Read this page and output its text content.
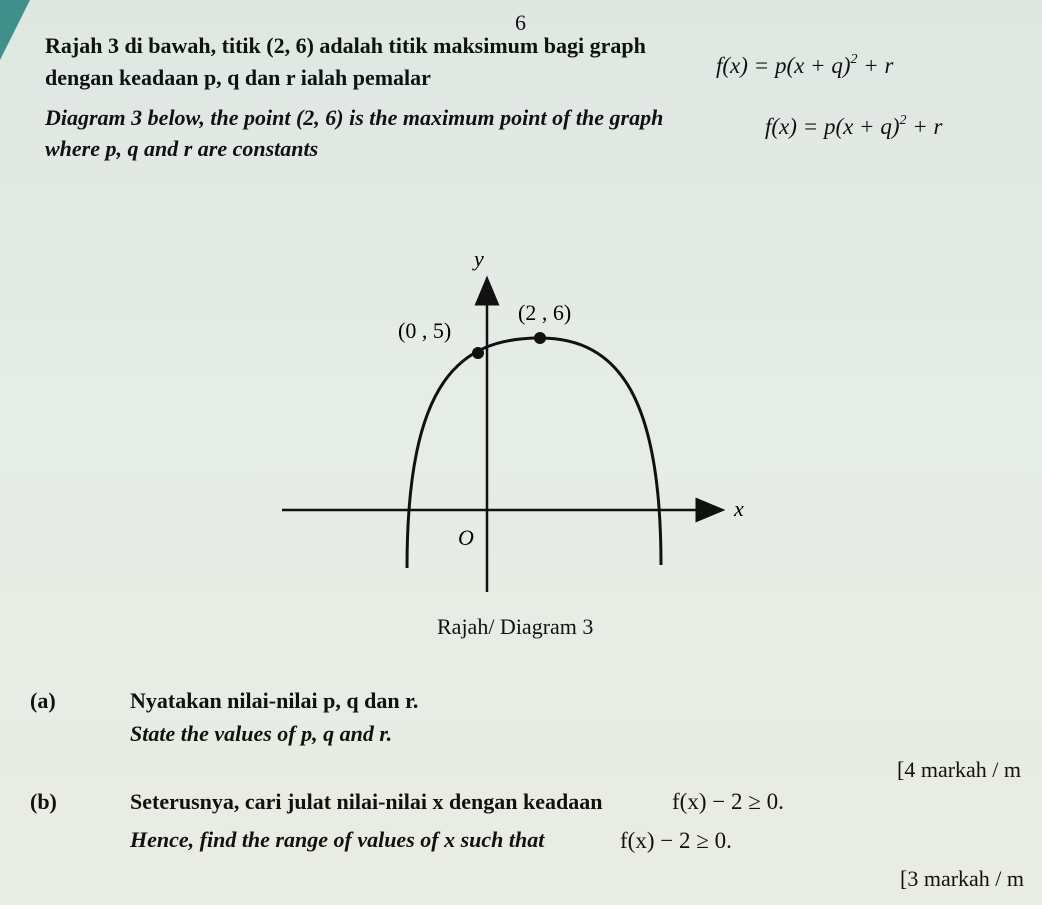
6
Rajah 3 di bawah, titik (2, 6) adalah titik maksimum bagi graph
$f(x) = p(x + q)^2 + r$
dengan keadaan p, q dan r ialah pemalar
Diagram 3 below, the point (2, 6) is the maximum point of the graph	$f(x) = p(x + q)^2 + r$
where p, q and r are constants
y
x
O
(0 , 5)
(2 , 6)
Rajah/ Diagram 3
(a)	Nyatakan nilai-nilai p, q dan r.
State the values of p, q and r.
[4 markah / m
(b)	Seterusnya, cari julat nilai-nilai x dengan keadaan	f(x) − 2 ≥ 0.
Hence, find the range of values of x such that	f(x) − 2 ≥ 0.
[3 markah / m
